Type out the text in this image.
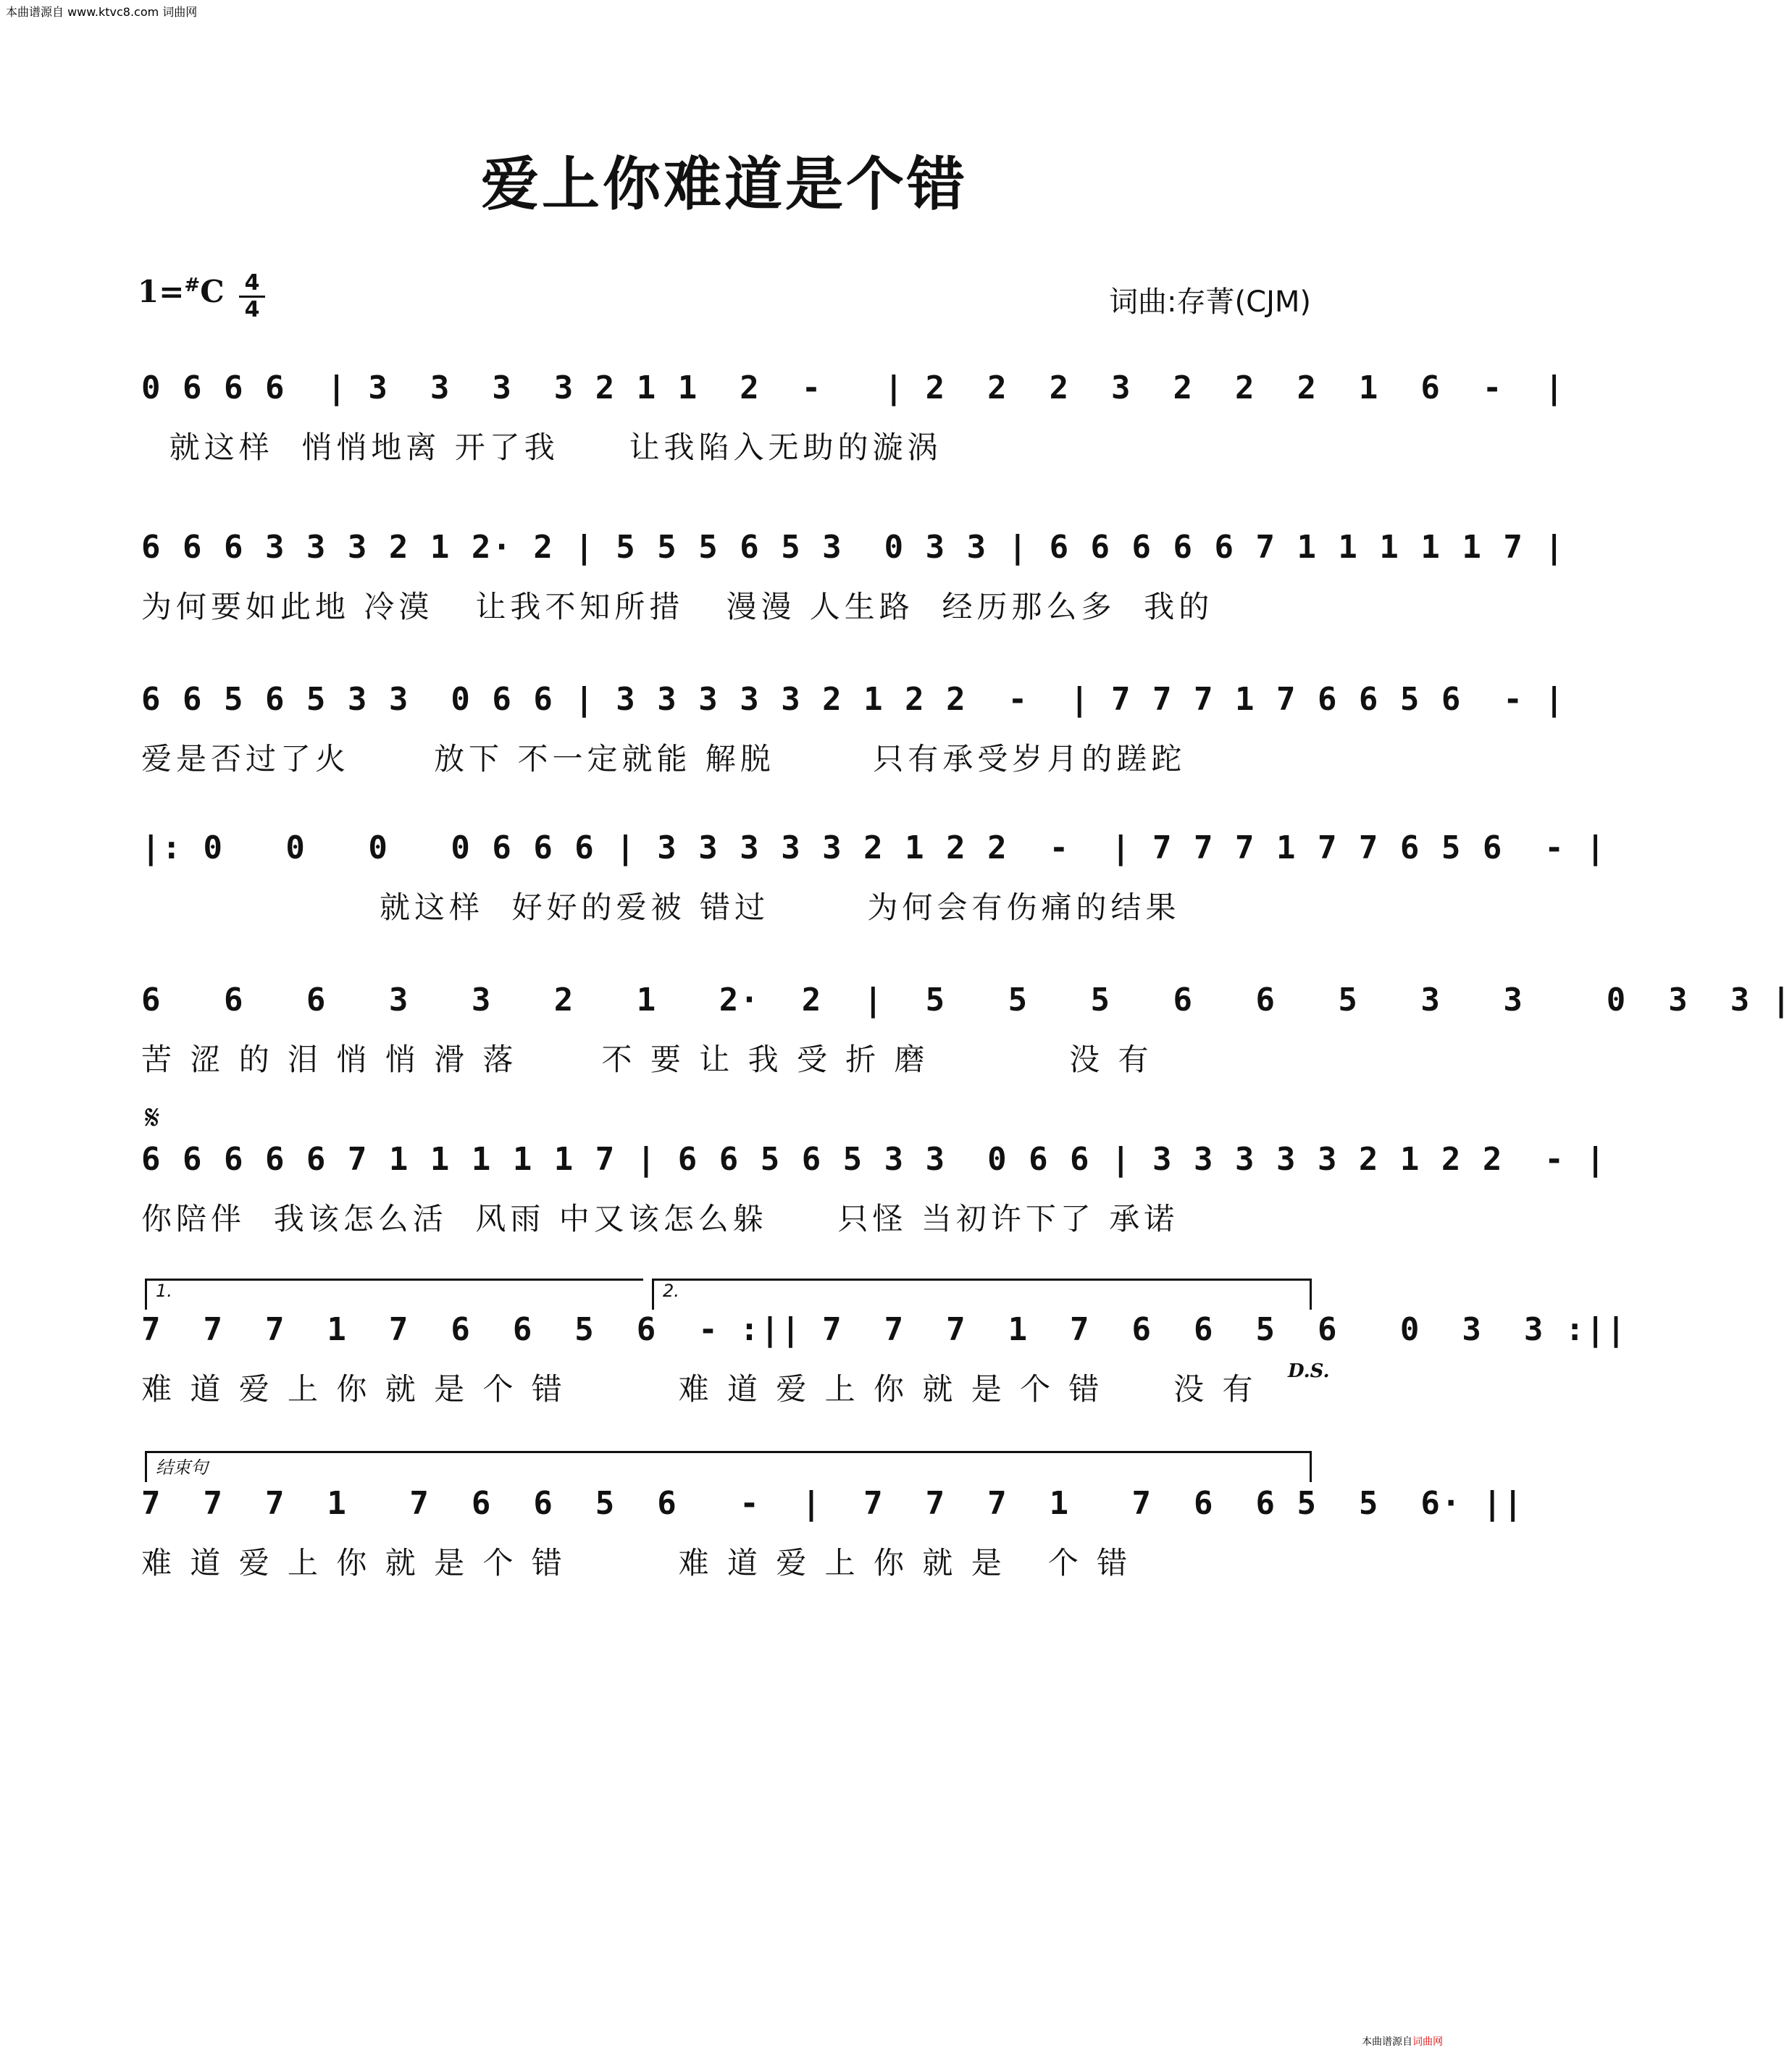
本曲谱源自 www.ktvc8.com 词曲网
爱上你难道是个错
1=#C 4
4	词曲:存菁(CJM)
0 6 6 6  | 3  3  3  3 2 1 1  2  -   | 2  2  2  3  2  2  2  1  6  -  |
就这样  悄悄地离 开了我     让我陷入无助的漩涡
6 6 6 3 3 3 2 1 2· 2 | 5 5 5 6 5 3  0 3 3 | 6 6 6 6 6 7 1 1 1 1 1 7 |
为何要如此地 冷漠   让我不知所措   漫漫 人生路  经历那么多  我的
6 6 5 6 5 3 3  0 6 6 | 3 3 3 3 3 2 1 2 2  -  | 7 7 7 1 7 6 6 5 6  - |
爱是否过了火      放下 不一定就能 解脱       只有承受岁月的蹉跎
|: 0   0   0   0 6 6 6 | 3 3 3 3 3 2 1 2 2  -  | 7 7 7 1 7 7 6 5 6  - |
就这样  好好的爱被 错过       为何会有伤痛的结果
6   6   6   3   3   2   1   2·  2  |  5   5   5   6   6   5   3   3    0  3  3 |
苦 涩 的 泪 悄 悄 滑 落      不 要 让 我 受 折 磨          没 有
𝄋
6 6 6 6 6 7 1 1 1 1 1 7 | 6 6 5 6 5 3 3  0 6 6 | 3 3 3 3 3 2 1 2 2  - |
你陪伴  我该怎么活  风雨 中又该怎么躲     只怪 当初许下了 承诺
1.	2.
7  7  7  1  7  6  6  5  6  - :|| 7  7  7  1  7  6  6  5  6   0  3  3 :||
难 道 爱 上 你 就 是 个 错        难 道 爱 上 你 就 是 个 错     没 有 D.S.
结束句
7  7  7  1   7  6  6  5  6   -  |  7  7  7  1   7  6  6 5  5  6· ||
难 道 爱 上 你 就 是 个 错        难 道 爱 上 你 就 是   个 错
本曲谱源自 词曲网
